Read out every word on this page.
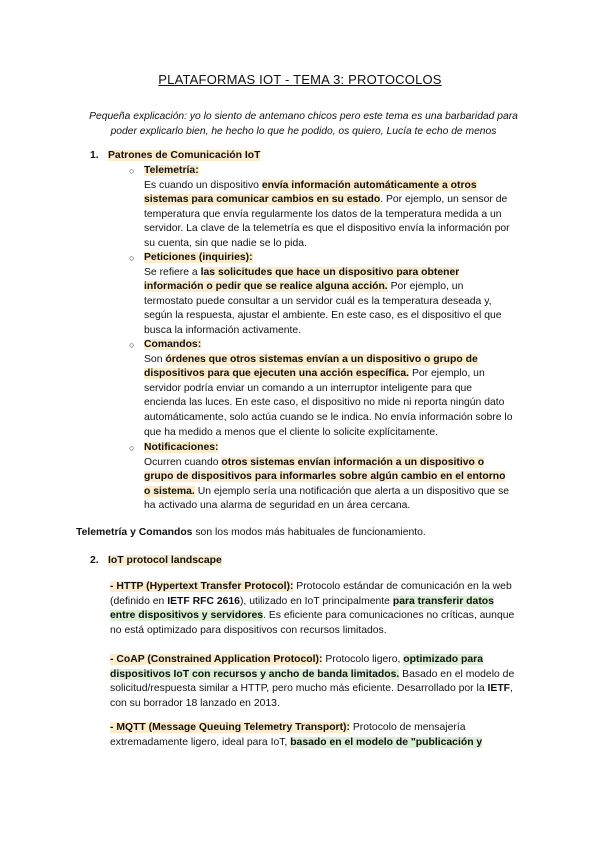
PLATAFORMAS IOT - TEMA 3: PROTOCOLOS
Pequeña explicación: yo lo siento de antemano chicos pero este tema es una barbaridad para poder explicarlo bien, he hecho lo que he podido, os quiero, Lucía te echo de menos
1. Patrones de Comunicación IoT
○ Telemetría:
Es cuando un dispositivo envía información automáticamente a otros sistemas para comunicar cambios en su estado. Por ejemplo, un sensor de temperatura que envía regularmente los datos de la temperatura medida a un servidor. La clave de la telemetría es que el dispositivo envía la información por su cuenta, sin que nadie se lo pida.
○ Peticiones (inquiries):
Se refiere a las solicitudes que hace un dispositivo para obtener información o pedir que se realice alguna acción. Por ejemplo, un termostato puede consultar a un servidor cuál es la temperatura deseada y, según la respuesta, ajustar el ambiente. En este caso, es el dispositivo el que busca la información activamente.
○ Comandos:
Son órdenes que otros sistemas envían a un dispositivo o grupo de dispositivos para que ejecuten una acción específica. Por ejemplo, un servidor podría enviar un comando a un interruptor inteligente para que encienda las luces. En este caso, el dispositivo no mide ni reporta ningún dato automáticamente, solo actúa cuando se le indica. No envía información sobre lo que ha medido a menos que el cliente lo solicite explícitamente.
○ Notificaciones:
Ocurren cuando otros sistemas envían información a un dispositivo o grupo de dispositivos para informarles sobre algún cambio en el entorno o sistema. Un ejemplo sería una notificación que alerta a un dispositivo que se ha activado una alarma de seguridad en un área cercana.
Telemetría y Comandos son los modos más habituales de funcionamiento.
2. IoT protocol landscape
- HTTP (Hypertext Transfer Protocol): Protocolo estándar de comunicación en la web (definido en IETF RFC 2616), utilizado en IoT principalmente para transferir datos entre dispositivos y servidores. Es eficiente para comunicaciones no críticas, aunque no está optimizado para dispositivos con recursos limitados.
- CoAP (Constrained Application Protocol): Protocolo ligero, optimizado para dispositivos IoT con recursos y ancho de banda limitados. Basado en el modelo de solicitud/respuesta similar a HTTP, pero mucho más eficiente. Desarrollado por la IETF, con su borrador 18 lanzado en 2013.
- MQTT (Message Queuing Telemetry Transport): Protocolo de mensajería extremadamente ligero, ideal para IoT, basado en el modelo de "publicación y
